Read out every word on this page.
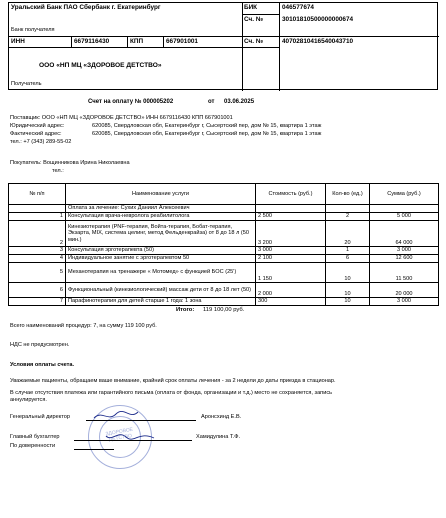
Уральский Банк ПАО Сбербанк г. Екатеринбург	БИК	046577674
Сч. №	30101810500000000674
Банк получателя
ИНН	6679116430	КПП	667901001	Сч. №	40702810416540043710
ООО «НП МЦ «ЗДОРОВОЕ ДЕТСТВО»
Получатель
Счет на оплату № 000005202	от 03.06.2025
Поставщик: ООО «НП МЦ «ЗДОРОВОЕ ДЕТСТВО» ИНН 6679116430 КПП 667901001
Юридический адрес:	620085, Свердловская обл, Екатеринбург г, Сысертский пер, дом № 15, квартира 1 этаж
Фактический адрес:	620085, Свердловская обл, Екатеринбург г, Сысертский пер, дом № 15, квартира 1 этаж
тел.: +7 (343) 289-55-02
Покупатель: Вощинникова Ирина Николаевна
тел.:
№ п/п	Наименование услуги	Стоимость (руб.)	Кол-во (ед.)	Сумма (руб.)
	Оплата за лечение: Сухих Даниил Алексеевич			
1	Консультация врача-невролога реабилитолога	2 500	2	5 000
2	Кинезиотерапия (PNF-терапия, Войта-терапия, Бобат-терапия, Экзарта, MIX, система целинг, метод Фельденкрайза) от 8 до 18 л (50 мин.)	3 200	20	64 000
3	Консультация эрготерапевта (50)	3 000	1	3 000
4	Индивидуальное занятие с эрготерапевтом 50	2 100	6	12 600
5	Механотерапия на тренажере « Мотомед» с функцией БОС (25')	1 150	10	11 500
6	Функциональный (кинезиологический) массаж дети от 8 до 18 лет (50)	2 000	10	20 000
7	Парафинотерапия для детей старше 1 года: 1 зона	300	10	3 000
Итого: 119 100,00 руб.
Всего наименований процедур: 7, на сумму 119 100 руб.
НДС не предусмотрен.
Условия оплаты счета.
Уважаемые пациенты, обращаем ваше внимание, крайний срок оплаты лечения - за 2 недели до даты приезда в стационар.
В случае отсутствия платежа или гарантийного письма (оплата от фонда, организации и т.д.) место не сохраняется, запись
аннулируется.
ЗДОРОВОЕ ДЕТСТВО
Генеральный директор	Аронсхинд Е.В.
Главный бухгалтер	Хамидулина Т.Ф.
По доверенности
